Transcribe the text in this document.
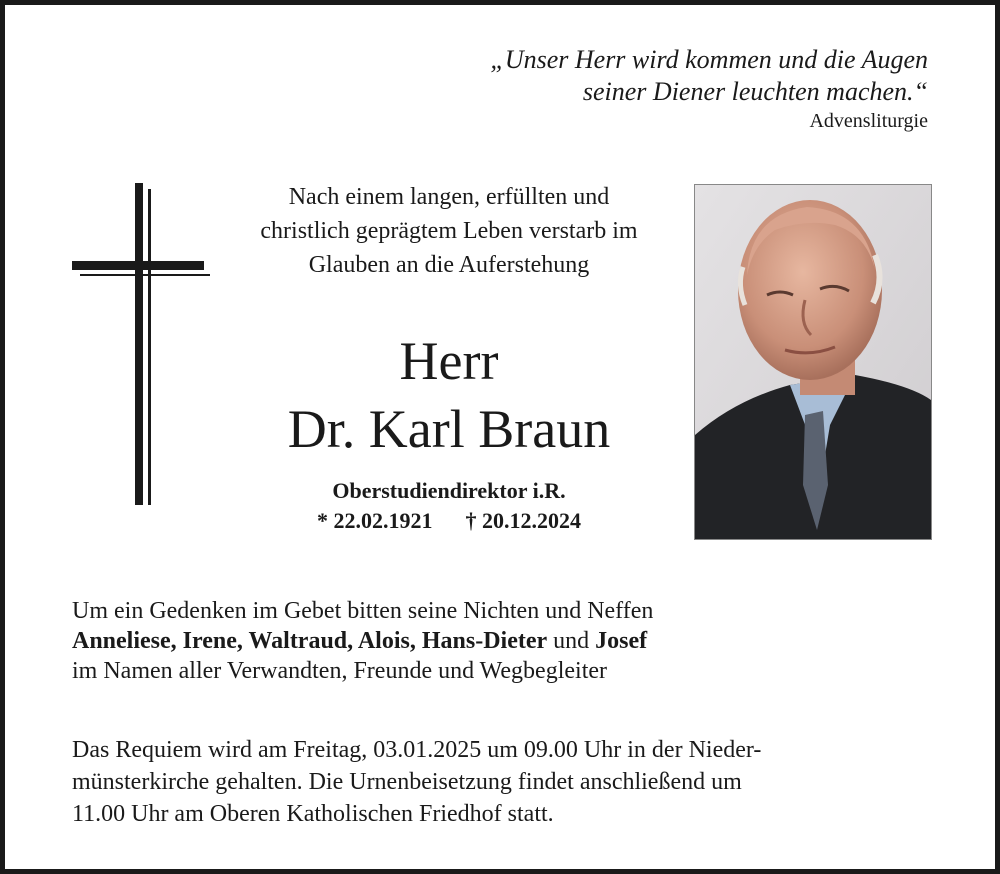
„Unser Herr wird kommen und die Augen
seiner Diener leuchten machen.“
Advensliturgie
Nach einem langen, erfüllten und
christlich geprägtem Leben verstarb im
Glauben an die Auferstehung
Herr
Dr. Karl Braun
Oberstudiendirektor i.R.
* 22.02.1921 † 20.12.2024
Um ein Gedenken im Gebet bitten seine Nichten und Neffen
Anneliese, Irene, Waltraud, Alois, Hans-Dieter und Josef
im Namen aller Verwandten, Freunde und Wegbegleiter
Das Requiem wird am Freitag, 03.01.2025 um 09.00 Uhr in der Nieder-
münsterkirche gehalten. Die Urnenbeisetzung findet anschließend um
11.00 Uhr am Oberen Katholischen Friedhof statt.
